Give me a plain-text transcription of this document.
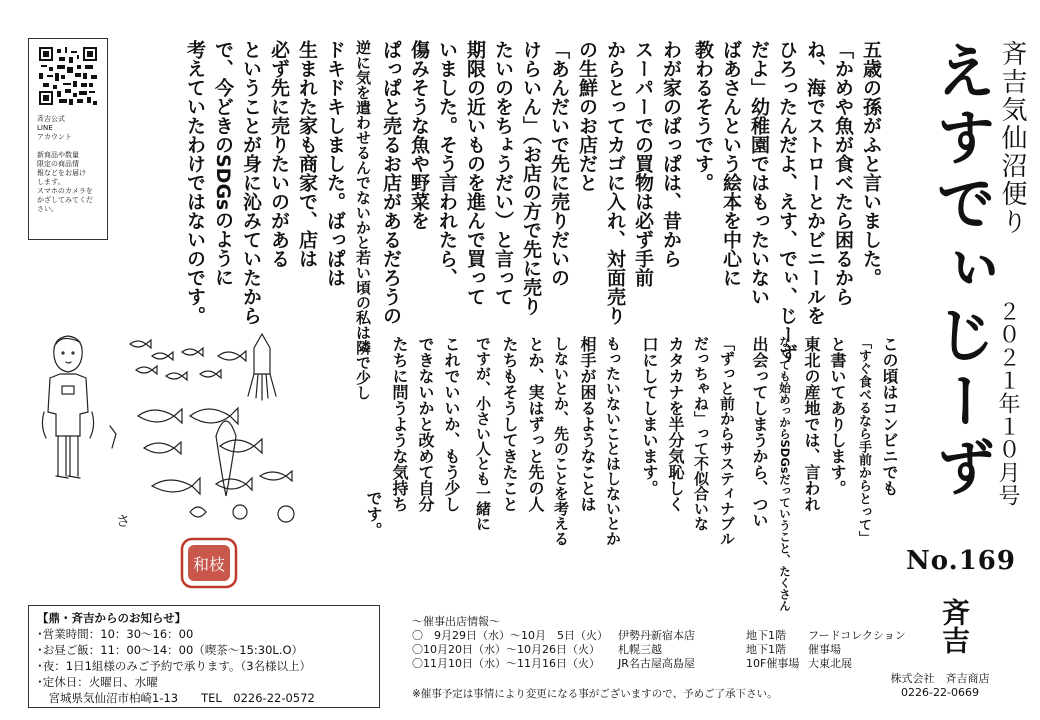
斉吉公式
LINE
アカウント
新商品や数量
限定の商品情
報などをお届け
します。
スマホのカメラを
かざしてみてくだ
さい。	斉吉気仙沼便り
２０２１年１０月号
えすでぃじーず
No.169
五歳の孫がふと言いました。
「かめや魚が食べたら困るから
ね、海でストローとかビニールを
ひろったんだよ、えす、でぃ、じーず
だよ」幼稚園ではもったいない
ばあさんという絵本を中心に
教わるそうです。
わが家のばっぱは、昔から
スーパーでの買物は必ず手前
からとってカゴに入れ、対面売り
の生鮮のお店だと
「あんだいで先に売りだいの
けらいん」（お店の方で先に売り
たいのをちょうだい）と言って
期限の近いものを進んで買って
いました。そう言われたら、
傷みそうな魚や野菜を
ぱっぱと売るお店があるだろうの
逆に気を遣わせるんでないかと若い頃の私は隣で少し
ドキドキしました。ばっぱは
生まれた家も商家で、店は
必ず先に売りたいのがある
ということが身に沁みていたから
で、今どきのSDGsのように
考えていたわけではないのです。
この頃はコンビニでも
「すぐ食べるなら手前からとって」
と書いてありします。
東北の産地では、言われ
なくても始めっからSDGsだっていうこと、たくさん
出会ってしまうから、つい
「ずっと前からサスティナブル
だっちゃね」って不似合いな
カタカナを半分気恥しく
口にしてしまいます。
もったいないことはしないとか
相手が困るようなことは
しないとか、先のことを考える
とか、実はずっと先の人
たちもそうしてきたこと
ですが、小さい人とも一緒に
これでいいか、もう少し
できないかと改めて自分
たちに問うような気持ち
です。
さ
和枝
【鼎・斉吉からのお知らせ】
･営業時間：10：30～16：00
･お昼ご飯：11：00～14：00（喫茶～15:30L.O）
･夜：1日1組様のみご予約で承ります。（3名様以上）
･定休日：火曜日、水曜
　宮城県気仙沼市柏崎1-13　　TEL　0226-22-0572
～催事出店情報～
〇　9月29日（水）～10月　5日（火） 伊勢丹新宿本店	地下1階	フードコレクション
〇10月20日（水）～10月26日（火）	札幌三越	地下1階	催事場
〇11月10日（水）～11月16日（火）	JR名古屋高島屋	10F催事場 大東北展
※催事予定は事情により変更になる事がございますので、予めご了承下さい。
斉吉
株式会社　斉吉商店
0226-22-0669
